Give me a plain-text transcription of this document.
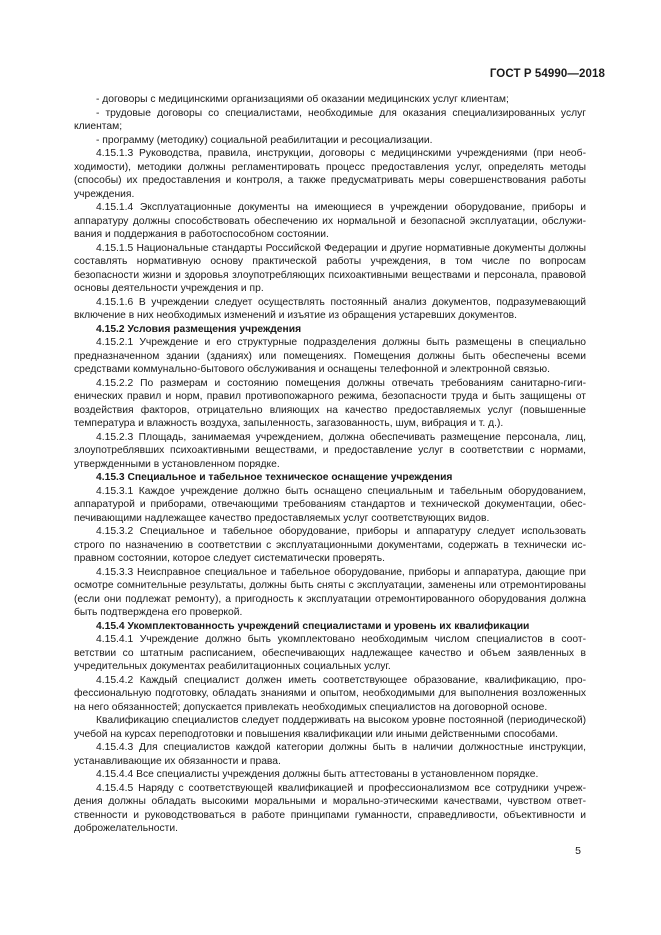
ГОСТ Р 54990—2018

- договоры с медицинскими организациями об оказании медицинских услуг клиентам;

- трудовые договоры со специалистами, необходимые для оказания специализированных услуг клиентам;

- программу (методику) социальной реабилитации и ресоциализации.

4.15.1.3 Руководства, правила, инструкции, договоры с медицинскими учреждениями (при необходимости), методики должны регламентировать процесс предоставления услуг, определять методы (способы) их предоставления и контроля, а также предусматривать меры совершенствования работы учреждения.

4.15.1.4 Эксплуатационные документы на имеющиеся в учреждении оборудование, приборы и аппаратуру должны способствовать обеспечению их нормальной и безопасной эксплуатации, обслуживания и поддержания в работоспособном состоянии.

4.15.1.5 Национальные стандарты Российской Федерации и другие нормативные документы должны составлять нормативную основу практической работы учреждения, в том числе по вопросам безопасности жизни и здоровья злоупотребляющих психоактивными веществами и персонала, правовой основы деятельности учреждения и пр.

4.15.1.6 В учреждении следует осуществлять постоянный анализ документов, подразумевающий включение в них необходимых изменений и изъятие из обращения устаревших документов.

4.15.2 Условия размещения учреждения

4.15.2.1 Учреждение и его структурные подразделения должны быть размещены в специально предназначенном здании (зданиях) или помещениях. Помещения должны быть обеспечены всеми средствами коммунально-бытового обслуживания и оснащены телефонной и электронной связью.

4.15.2.2 По размерам и состоянию помещения должны отвечать требованиям санитарно-гигиенических правил и норм, правил противопожарного режима, безопасности труда и быть защищены от воздействия факторов, отрицательно влияющих на качество предоставляемых услуг (повышенные температура и влажность воздуха, запыленность, загазованность, шум, вибрация и т. д.).

4.15.2.3 Площадь, занимаемая учреждением, должна обеспечивать размещение персонала, лиц, злоупотреблявших психоактивными веществами, и предоставление услуг в соответствии с нормами, утвержденными в установленном порядке.

4.15.3 Специальное и табельное техническое оснащение учреждения

4.15.3.1 Каждое учреждение должно быть оснащено специальным и табельным оборудованием, аппаратурой и приборами, отвечающими требованиям стандартов и технической документации, обеспечивающими надлежащее качество предоставляемых услуг соответствующих видов.

4.15.3.2 Специальное и табельное оборудование, приборы и аппаратуру следует использовать строго по назначению в соответствии с эксплуатационными документами, содержать в технически исправном состоянии, которое следует систематически проверять.

4.15.3.3 Неисправное специальное и табельное оборудование, приборы и аппаратура, дающие при осмотре сомнительные результаты, должны быть сняты с эксплуатации, заменены или отремонтированы (если они подлежат ремонту), а пригодность к эксплуатации отремонтированного оборудования должна быть подтверждена его проверкой.

4.15.4 Укомплектованность учреждений специалистами и уровень их квалификации

4.15.4.1 Учреждение должно быть укомплектовано необходимым числом специалистов в соответствии со штатным расписанием, обеспечивающих надлежащее качество и объем заявленных в учредительных документах реабилитационных социальных услуг.

4.15.4.2 Каждый специалист должен иметь соответствующее образование, квалификацию, профессиональную подготовку, обладать знаниями и опытом, необходимыми для выполнения возложенных на него обязанностей; допускается привлекать необходимых специалистов на договорной основе.

Квалификацию специалистов следует поддерживать на высоком уровне постоянной (периодической) учебой на курсах переподготовки и повышения квалификации или иными действенными способами.

4.15.4.3 Для специалистов каждой категории должны быть в наличии должностные инструкции, устанавливающие их обязанности и права.

4.15.4.4 Все специалисты учреждения должны быть аттестованы в установленном порядке.

4.15.4.5 Наряду с соответствующей квалификацией и профессионализмом все сотрудники учреждения должны обладать высокими моральными и морально-этическими качествами, чувством ответственности и руководствоваться в работе принципами гуманности, справедливости, объективности и доброжелательности.

5
